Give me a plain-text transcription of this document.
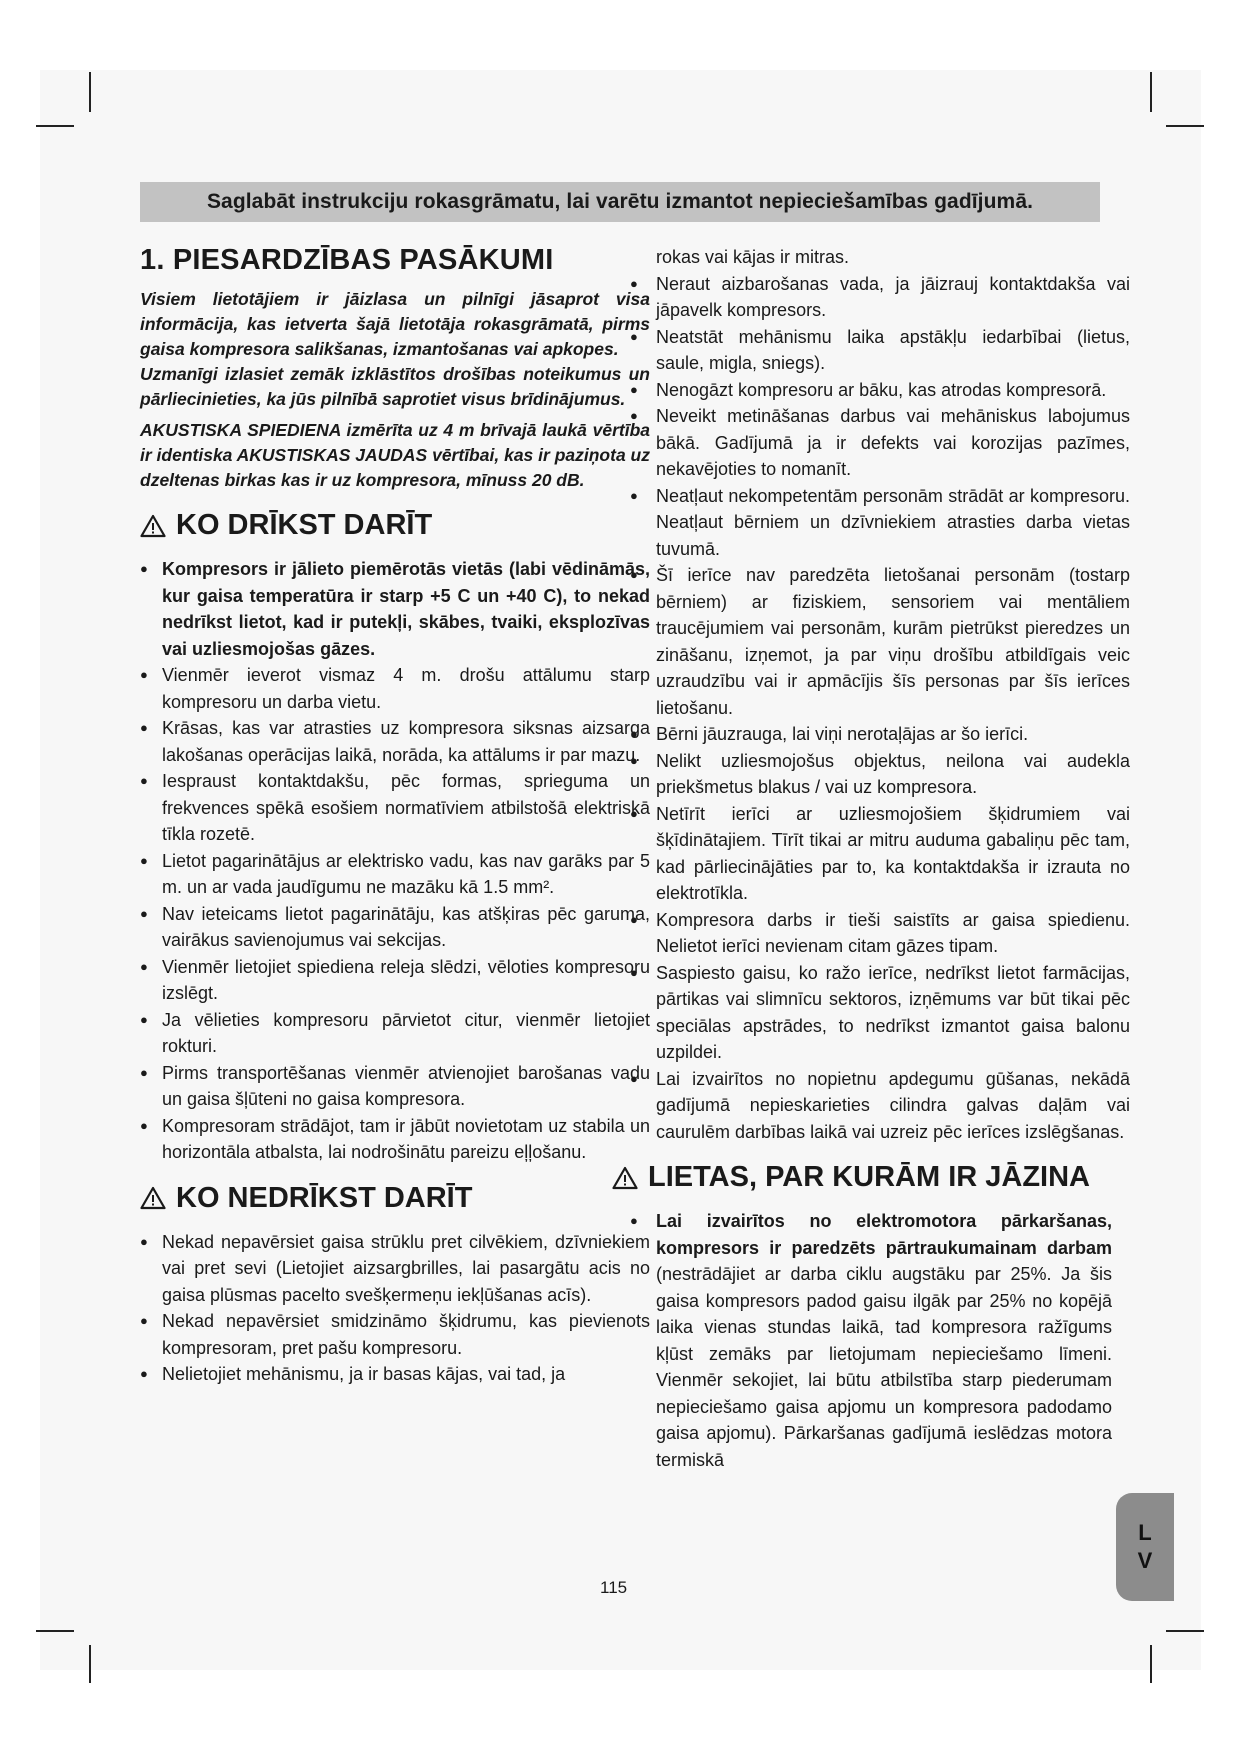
Saglabāt instrukciju rokasgrāmatu, lai varētu izmantot nepieciešamības gadījumā.
1. PIESARDZĪBAS PASĀKUMI

Visiem lietotājiem ir jāizlasa un pilnīgi jāsaprot visa informācija, kas ietverta šajā lietotāja rokasgrāmatā, pirms gaisa kompresora salikšanas, izmantošanas vai apkopes.

Uzmanīgi izlasiet zemāk izklāstītos drošības noteikumus un pārliecinieties, ka jūs pilnībā saprotiet visus brīdinājumus.

AKUSTISKA SPIEDIENA izmērīta uz 4 m brīvajā laukā vērtība ir identiska AKUSTISKAS JAUDAS vērtībai, kas ir paziņota uz dzeltenas birkas kas ir uz kompresora, mīnuss 20 dB.

KO DRĪKST DARĪT
● Kompresors ir jālieto piemērotās vietās (labi vēdināmās, kur gaisa temperatūra ir starp +5 C un +40 C), to nekad nedrīkst lietot, kad ir putekļi, skābes, tvaiki, eksplozīvas vai uzliesmojošas gāzes.
● Vienmēr ieverot vismaz 4 m. drošu attālumu starp kompresoru un darba vietu.
● Krāsas, kas var atrasties uz kompresora siksnas aizsarga lakošanas operācijas laikā, norāda, ka attālums ir par mazu.
● Iespraust kontaktdakšu, pēc formas, sprieguma un frekvences spēkā esošiem normatīviem atbilstošā elektriskā tīkla rozetē.
● Lietot pagarinātājus ar elektrisko vadu, kas nav garāks par 5 m. un ar vada jaudīgumu ne mazāku kā 1.5 mm².
● Nav ieteicams lietot pagarinātāju, kas atšķiras pēc garuma, vairākus savienojumus vai sekcijas.
● Vienmēr lietojiet spiediena releja slēdzi, vēloties kompresoru izslēgt.
● Ja vēlieties kompresoru pārvietot citur, vienmēr lietojiet rokturi.
● Pirms transportēšanas vienmēr atvienojiet barošanas vadu un gaisa šļūteni no gaisa kompresora.
● Kompresoram strādājot, tam ir jābūt novietotam uz stabila un horizontāla atbalsta, lai nodrošinātu pareizu eļļošanu.
KO NEDRĪKST DARĪT
● Nekad nepavērsiet gaisa strūklu pret cilvēkiem, dzīvniekiem vai pret sevi (Lietojiet aizsargbrilles, lai pasargātu acis no gaisa plūsmas pacelto svešķermeņu iekļūšanas acīs).
● Nekad nepavērsiet smidzināmo šķidrumu, kas pievienots kompresoram, pret pašu kompresoru.
● Nelietojiet mehānismu, ja ir basas kājas, vai tad, ja
rokas vai kājas ir mitras.
● Neraut aizbarošanas vada, ja jāizrauj kontaktdakša vai jāpavelk kompresors.
● Neatstāt mehānismu laika apstākļu iedarbībai (lietus, saule, migla, sniegs).
● Nenogāzt kompresoru ar bāku, kas atrodas kompresorā.
● Neveikt metināšanas darbus vai mehāniskus labojumus bākā. Gadījumā ja ir defekts vai korozijas pazīmes, nekavējoties to nomanīt.
● Neatļaut nekompetentām personām strādāt ar kompresoru. Neatļaut bērniem un dzīvniekiem atrasties darba vietas tuvumā.
● Šī ierīce nav paredzēta lietošanai personām (tostarp bērniem) ar fiziskiem, sensoriem vai mentāliem traucējumiem vai personām, kurām pietrūkst pieredzes un zināšanu, izņemot, ja par viņu drošību atbildīgais veic uzraudzību vai ir apmācījis šīs personas par šīs ierīces lietošanu.
● Bērni jāuzrauga, lai viņi nerotaļājas ar šo ierīci.
● Nelikt uzliesmojošus objektus, neilona vai audekla priekšmetus blakus / vai uz kompresora.
● Netīrīt ierīci ar uzliesmojošiem šķidrumiem vai šķīdinātajiem. Tīrīt tikai ar mitru auduma gabaliņu pēc tam, kad pārliecinājāties par to, ka kontaktdakša ir izrauta no elektrotīkla.
● Kompresora darbs ir tieši saistīts ar gaisa spiedienu. Nelietot ierīci nevienam citam gāzes tipam.
● Saspiesto gaisu, ko ražo ierīce, nedrīkst lietot farmācijas, pārtikas vai slimnīcu sektoros, izņēmums var būt tikai pēc speciālas apstrādes, to nedrīkst izmantot gaisa balonu uzpildei.
● Lai izvairītos no nopietnu apdegumu gūšanas, nekādā gadījumā nepieskarieties cilindra galvas daļām vai caurulēm darbības laikā vai uzreiz pēc ierīces izslēgšanas.
LIETAS, PAR KURĀM IR JĀZINA
● Lai izvairītos no elektromotora pārkaršanas, kompresors ir paredzēts pārtraukumainam darbam (nestrādājiet ar darba ciklu augstāku par 25%. Ja šis gaisa kompresors padod gaisu ilgāk par 25% no kopējā laika vienas stundas laikā, tad kompresora ražīgums kļūst zemāks par lietojumam nepieciešamo līmeni. Vienmēr sekojiet, lai būtu atbilstība starp piederumam nepieciešamo gaisa apjomu un kompresora padodamo gaisa apjomu). Pārkaršanas gadījumā ieslēdzas motora termiskā
115
L
V
